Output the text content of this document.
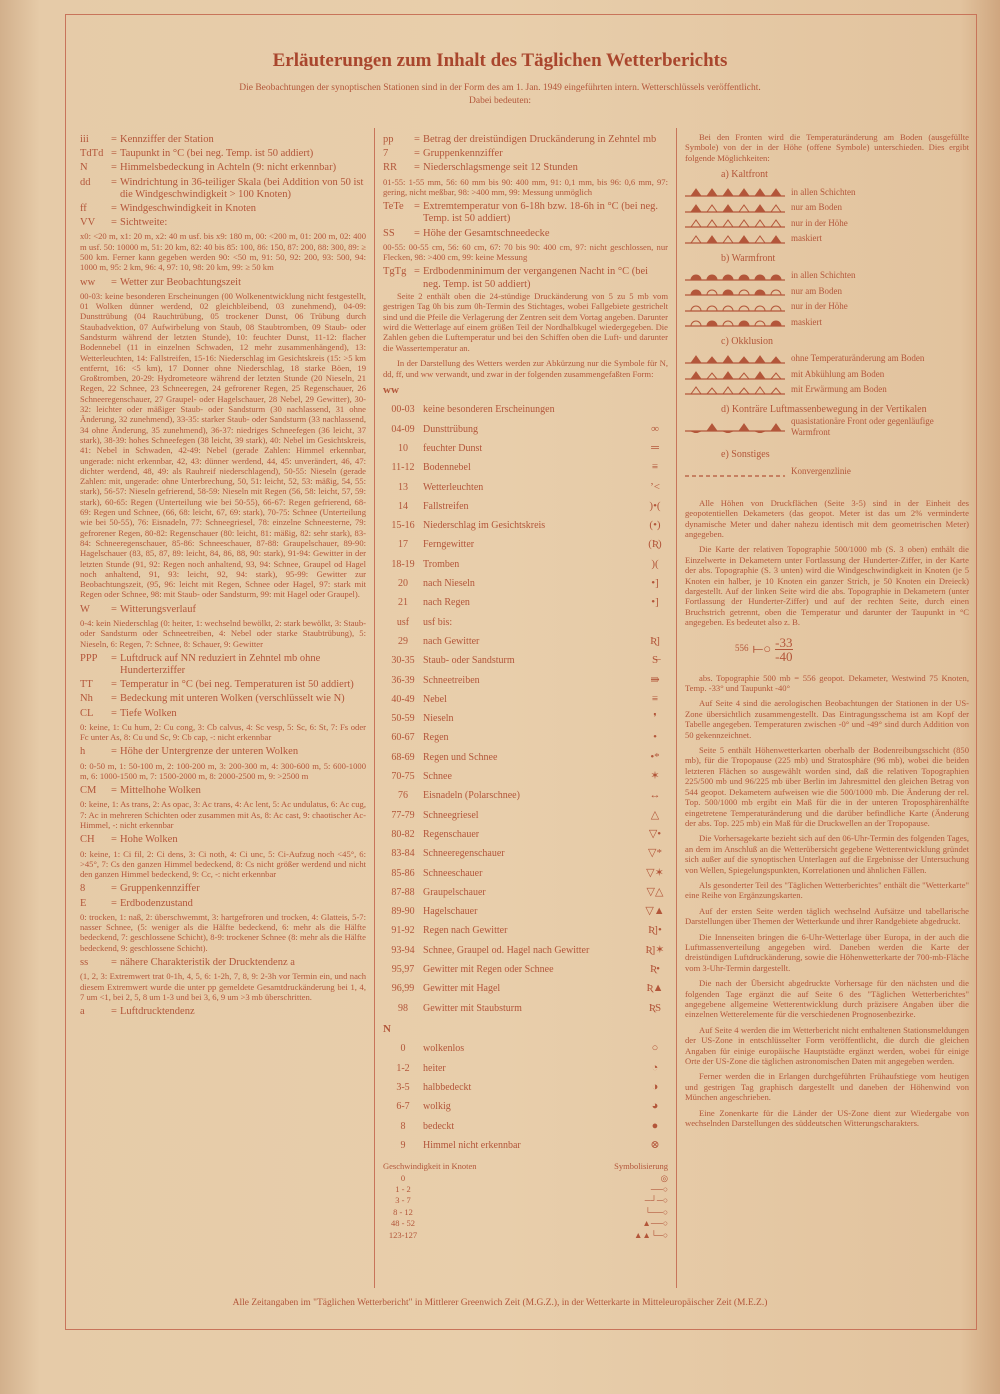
Erläuterungen zum Inhalt des Täglichen Wetterberichts
Die Beobachtungen der synoptischen Stationen sind in der Form des am 1. Jan. 1949 eingeführten intern. Wetterschlüssels veröffentlicht.
Dabei bedeuten:
iii	= Kennziffer der Station
TdTd = Taupunkt in °C (bei neg. Temp. ist 50 addiert)
N	= Himmelsbedeckung in Achteln (9: nicht erkennbar)
dd	= Windrichtung in 36-teiliger Skala (bei Addition von 50 ist die Windgeschwindigkeit > 100 Knoten)
ff	= Windgeschwindigkeit in Knoten
VV	= Sichtweite:
x0: <20 m, x1: 20 m, x2: 40 m usf. bis x9: 180 m, 00: <200 m, 01: 200 m, 02: 400 m usf. 50: 10000 m, 51: 20 km, 82: 40 bis 85: 100, 86: 150, 87: 200, 88: 300, 89: ≥ 500 km. Ferner kann gegeben werden 90: <50 m, 91: 50, 92: 200, 93: 500, 94: 1000 m, 95: 2 km, 96: 4, 97: 10, 98: 20 km, 99: ≥ 50 km
ww	= Wetter zur Beobachtungszeit
00-03: keine besonderen Erscheinungen (00 Wolkenentwicklung nicht festgestellt, 01 Wolken dünner werdend, 02 gleichbleibend, 03 zunehmend), 04-09: Dunsttrübung (04 Rauchtrübung, 05 trockener Dunst, 06 Trübung durch Staubadvektion, 07 Aufwirbelung von Staub, 08 Staubtromben, 09 Staub- oder Sandsturm während der letzten Stunde), 10: feuchter Dunst, 11-12: flacher Bodennebel (11 in einzelnen Schwaden, 12 mehr zusammenhängend), 13: Wetterleuchten, 14: Fallstreifen, 15-16: Niederschlag im Gesichtskreis (15: >5 km entfernt, 16: <5 km), 17 Donner ohne Niederschlag, 18 starke Böen, 19 Großtromben, 20-29: Hydrometeore während der letzten Stunde (20 Nieseln, 21 Regen, 22 Schnee, 23 Schneeregen, 24 gefrorener Regen, 25 Regenschauer, 26 Schneeregenschauer, 27 Graupel- oder Hagelschauer, 28 Nebel, 29 Gewitter), 30-32: leichter oder mäßiger Staub- oder Sandsturm (30 nachlassend, 31 ohne Änderung, 32 zunehmend), 33-35: starker Staub- oder Sandsturm (33 nachlassend, 34 ohne Änderung, 35 zunehmend), 36-37: niedriges Schneefegen (36 leicht, 37 stark), 38-39: hohes Schneefegen (38 leicht, 39 stark), 40: Nebel im Gesichtskreis, 41: Nebel in Schwaden, 42-49: Nebel (gerade Zahlen: Himmel erkennbar, ungerade: nicht erkennbar, 42, 43: dünner werdend, 44, 45: unverändert, 46, 47: dichter werdend, 48, 49: als Rauhreif niederschlagend), 50-55: Nieseln (gerade Zahlen: mit, ungerade: ohne Unterbrechung, 50, 51: leicht, 52, 53: mäßig, 54, 55: stark), 56-57: Nieseln gefrierend, 58-59: Nieseln mit Regen (56, 58: leicht, 57, 59: stark), 60-65: Regen (Unterteilung wie bei 50-55), 66-67: Regen gefrierend, 68-69: Regen und Schnee, (66, 68: leicht, 67, 69: stark), 70-75: Schnee (Unterteilung wie bei 50-55), 76: Eisnadeln, 77: Schneegriesel, 78: einzelne Schneesterne, 79: gefrorener Regen, 80-82: Regenschauer (80: leicht, 81: mäßig, 82: sehr stark), 83-84: Schneeregenschauer, 85-86: Schneeschauer, 87-88: Graupelschauer, 89-90: Hagelschauer (83, 85, 87, 89: leicht, 84, 86, 88, 90: stark), 91-94: Gewitter in der letzten Stunde (91, 92: Regen noch anhaltend, 93, 94: Schnee, Graupel od Hagel noch anhaltend, 91, 93: leicht, 92, 94: stark), 95-99: Gewitter zur Beobachtungszeit, (95, 96: leicht mit Regen, Schnee oder Hagel, 97: stark mit Regen oder Schnee, 98: mit Staub- oder Sandsturm, 99: mit Hagel oder Graupel).
W	= Witterungsverlauf
0-4: kein Niederschlag (0: heiter, 1: wechselnd bewölkt, 2: stark bewölkt, 3: Staub- oder Sandsturm oder Schneetreiben, 4: Nebel oder starke Staubtrübung), 5: Nieseln, 6: Regen, 7: Schnee, 8: Schauer, 9: Gewitter
PPP	= Luftdruck auf NN reduziert in Zehntel mb ohne Hunderterziffer
TT	= Temperatur in °C (bei neg. Temperaturen ist 50 addiert)
Nh	= Bedeckung mit unteren Wolken (verschlüsselt wie N)
CL	= Tiefe Wolken
0: keine, 1: Cu hum, 2: Cu cong, 3: Cb calvus, 4: Sc vesp, 5: Sc, 6: St, 7: Fs oder Fc unter As, 8: Cu und Sc, 9: Cb cap, -: nicht erkennbar
h	= Höhe der Untergrenze der unteren Wolken
0: 0-50 m, 1: 50-100 m, 2: 100-200 m, 3: 200-300 m, 4: 300-600 m, 5: 600-1000 m, 6: 1000-1500 m, 7: 1500-2000 m, 8: 2000-2500 m, 9: >2500 m
CM	= Mittelhohe Wolken
0: keine, 1: As trans, 2: As opac, 3: Ac trans, 4: Ac lent, 5: Ac undulatus, 6: Ac cug, 7: Ac in mehreren Schichten oder zusammen mit As, 8: Ac cast, 9: chaotischer Ac-Himmel, -: nicht erkennbar
CH	= Hohe Wolken
0: keine, 1: Ci fil, 2: Ci dens, 3: Ci noth, 4: Ci unc, 5: Ci-Aufzug noch <45°, 6: >45°, 7: Cs den ganzen Himmel bedeckend, 8: Cs nicht größer werdend und nicht den ganzen Himmel bedeckend, 9: Cc, -: nicht erkennbar
8	= Gruppenkennziffer
E	= Erdbodenzustand
0: trocken, 1: naß, 2: überschwemmt, 3: hartgefroren und trocken, 4: Glatteis, 5-7: nasser Schnee, (5: weniger als die Hälfte bedeckend, 6: mehr als die Hälfte bedeckend, 7: geschlossene Schicht), 8-9: trockener Schnee (8: mehr als die Hälfte bedeckend, 9: geschlossene Schicht).
ss	= nähere Charakteristik der Drucktendenz a
(1, 2, 3: Extremwert trat 0-1h, 4, 5, 6: 1-2h, 7, 8, 9: 2-3h vor Termin ein, und nach diesem Extremwert wurde die unter pp gemeldete Gesamtdruckänderung bei 1, 4, 7 um <1, bei 2, 5, 8 um 1-3 und bei 3, 6, 9 um >3 mb überschritten.
a	= Luftdrucktendenz
pp	= Betrag der dreistündigen Druckänderung in Zehntel mb
7	= Gruppenkennziffer
RR	= Niederschlagsmenge seit 12 Stunden
01-55: 1-55 mm, 56: 60 mm bis 90: 400 mm, 91: 0,1 mm, bis 96: 0,6 mm, 97: gering, nicht meßbar, 98: >400 mm, 99: Messung unmöglich
TeTe = Extremtemperatur von 6-18h bzw. 18-6h in °C (bei neg. Temp. ist 50 addiert)
SS	= Höhe der Gesamtschneedecke
00-55: 00-55 cm, 56: 60 cm, 67: 70 bis 90: 400 cm, 97: nicht geschlossen, nur Flecken, 98: >400 cm, 99: keine Messung
TgTg = Erdbodenminimum der vergangenen Nacht in °C (bei neg. Temp. ist 50 addiert)
Seite 2 enthält oben die 24-stündige Druckänderung von 5 zu 5 mb vom gestrigen Tag 0h bis zum 0h-Termin des Stichtages, wobei Fallgebiete gestrichelt sind und die Pfeile die Verlagerung der Zentren seit dem Vortag angeben. Darunter wird die Wetterlage auf einem größen Teil der Nordhalbkugel wiedergegeben. Die Zahlen geben die Luftemperatur und bei den Schiffen oben die Luft- und darunter die Wassertemperatur an.
In der Darstellung des Wetters werden zur Abkürzung nur die Symbole für N, dd, ff, und ww verwandt, und zwar in der folgenden zusammengefaßten Form:
ww
00-03	keine besonderen Erscheinungen	
04-09	Dunsttrübung	∞
10	feuchter Dunst	═
11-12	Bodennebel	≡
13	Wetterleuchten	ʼ<
14	Fallstreifen	)•(
15-16	Niederschlag im Gesichtskreis	(•)
17	Ferngewitter	(Ʀ)
18-19	Tromben	)(
20	nach Nieseln	•]
21	nach Regen	•]
usf	usf bis:	
29	nach Gewitter	Ʀ]
30-35	Staub- oder Sandsturm	S̶
36-39	Schneetreiben	⇛
40-49	Nebel	≡
50-59	Nieseln	❜
60-67	Regen	•
68-69	Regen und Schnee	•*
70-75	Schnee	✶
76	Eisnadeln (Polarschnee)	↔
77-79	Schneegriesel	△
80-82	Regenschauer	▽•
83-84	Schneeregenschauer	▽*
85-86	Schneeschauer	▽✶
87-88	Graupelschauer	▽△
89-90	Hagelschauer	▽▲
91-92	Regen nach Gewitter	Ʀ]•
93-94	Schnee, Graupel od. Hagel nach Gewitter	Ʀ]✶
95,97	Gewitter mit Regen oder Schnee	Ʀ•
96,99	Gewitter mit Hagel	Ʀ▲
98	Gewitter mit Staubsturm	ƦS
N
0	wolkenlos	○
1-2	heiter	◔
3-5	halbbedeckt	◑
6-7	wolkig	◕
8	bedeckt	●
9	Himmel nicht erkennbar	⊗
Geschwindigkeit in Knoten		Symbolisierung
0		◎
1 - 2		──○
3 - 7		─┘─○
8 - 12		└──○
48 - 52		▲──○
123-127		▲▲└─○
Bei den Fronten wird die Temperaturänderung am Boden (ausgefüllte Symbole) von der in der Höhe (offene Symbole) unterschieden. Dies ergibt folgende Möglichkeiten:
a) Kaltfront
in allen Schichten
nur am Boden
nur in der Höhe
maskiert
b) Warmfront
in allen Schichten
nur am Boden
nur in der Höhe
maskiert
c) Okklusion
ohne Temperaturänderung am Boden
mit Abkühlung am Boden
mit Erwärmung am Boden
d) Konträre Luftmassenbewegung in der Vertikalen
quasistationäre Front oder gegenläufige Warmfront
e) Sonstiges
Konvergenzlinie
Alle Höhen von Druckflächen (Seite 3-5) sind in der Einheit des geopotentiellen Dekameters (das geopot. Meter ist das um 2% verminderte dynamische Meter und daher nahezu identisch mit dem geometrischen Meter) angegeben.
Die Karte der relativen Topographie 500/1000 mb (S. 3 oben) enthält die Einzelwerte in Dekametern unter Fortlassung der Hunderter-Ziffer, in der Karte der abs. Topographie (S. 3 unten) wird die Windgeschwindigkeit in Knoten (je 5 Knoten ein halber, je 10 Knoten ein ganzer Strich, je 50 Knoten ein Dreieck) dargestellt. Auf der linken Seite wird die abs. Topographie in Dekametern (unter Fortlassung der Hunderter-Ziffer) und auf der rechten Seite, durch einen Bruchstrich getrennt, oben die Temperatur und darunter der Taupunkt in °C angegeben. Es bedeutet also z. B.
556 ⟝○ -33
-40
abs. Topographie 500 mb = 556 geopot. Dekameter, Westwind 75 Knoten, Temp. -33° und Taupunkt -40°
Auf Seite 4 sind die aerologischen Beobachtungen der Stationen in der US-Zone übersichtlich zusammengestellt. Das Eintragungsschema ist am Kopf der Tabelle angegeben. Temperaturen zwischen -0° und -49° sind durch Addition von 50 gekennzeichnet.
Seite 5 enthält Höhenwetterkarten oberhalb der Bodenreibungsschicht (850 mb), für die Tropopause (225 mb) und Stratosphäre (96 mb), wobei die beiden letzteren Flächen so ausgewählt worden sind, daß die relativen Topographien 225/500 mb und 96/225 mb über Berlin im Jahresmittel den gleichen Betrag von 544 geopot. Dekametern aufweisen wie die 500/1000 mb. Die Änderung der rel. Top. 500/1000 mb ergibt ein Maß für die in der unteren Troposphärenhälfte eingetretene Temperaturänderung und die darüber befindliche Karte (Änderung der abs. Top. 225 mb) ein Maß für die Druckwellen an der Tropopause.
Die Vorhersagekarte bezieht sich auf den 06-Uhr-Termin des folgenden Tages, an dem im Anschluß an die Wetterübersicht gegebene Wetterentwicklung gründet sich außer auf die synoptischen Unterlagen auf die Ergebnisse der Untersuchung von Wellen, Spiegelungspunkten, Korrelationen und ähnlichen Fällen.
Als gesonderter Teil des "Täglichen Wetterberichtes" enthält die "Wetterkarte" eine Reihe von Ergänzungskarten.
Auf der ersten Seite werden täglich wechselnd Aufsätze und tabellarische Darstellungen über Themen der Wetterkunde und ihrer Randgebiete abgedruckt.
Die Innenseiten bringen die 6-Uhr-Wetterlage über Europa, in der auch die Luftmassenverteilung angegeben wird. Daneben werden die Karte der dreistündigen Luftdruckänderung, sowie die Höhenwetterkarte der 700-mb-Fläche vom 3-Uhr-Termin dargestellt.
Die nach der Übersicht abgedruckte Vorhersage für den nächsten und die folgenden Tage ergänzt die auf Seite 6 des "Täglichen Wetterberichtes" angegebene allgemeine Wetterentwicklung durch präzisere Angaben über die einzelnen Wetterelemente für die verschiedenen Prognosenbezirke.
Auf Seite 4 werden die im Wetterbericht nicht enthaltenen Stationsmeldungen der US-Zone in entschlüsselter Form veröffentlicht, die durch die gleichen Angaben für einige europäische Hauptstädte ergänzt werden, wobei für einige Orte der US-Zone die täglichen astronomischen Daten mit angegeben werden.
Ferner werden die in Erlangen durchgeführten Frühaufstiege vom heutigen und gestrigen Tag graphisch dargestellt und daneben der Höhenwind von München angeschrieben.
Eine Zonenkarte für die Länder der US-Zone dient zur Wiedergabe von wechselnden Darstellungen des süddeutschen Witterungscharakters.
Alle Zeitangaben im "Täglichen Wetterbericht" in Mittlerer Greenwich Zeit (M.G.Z.), in der Wetterkarte in Mitteleuropäischer Zeit (M.E.Z.)
